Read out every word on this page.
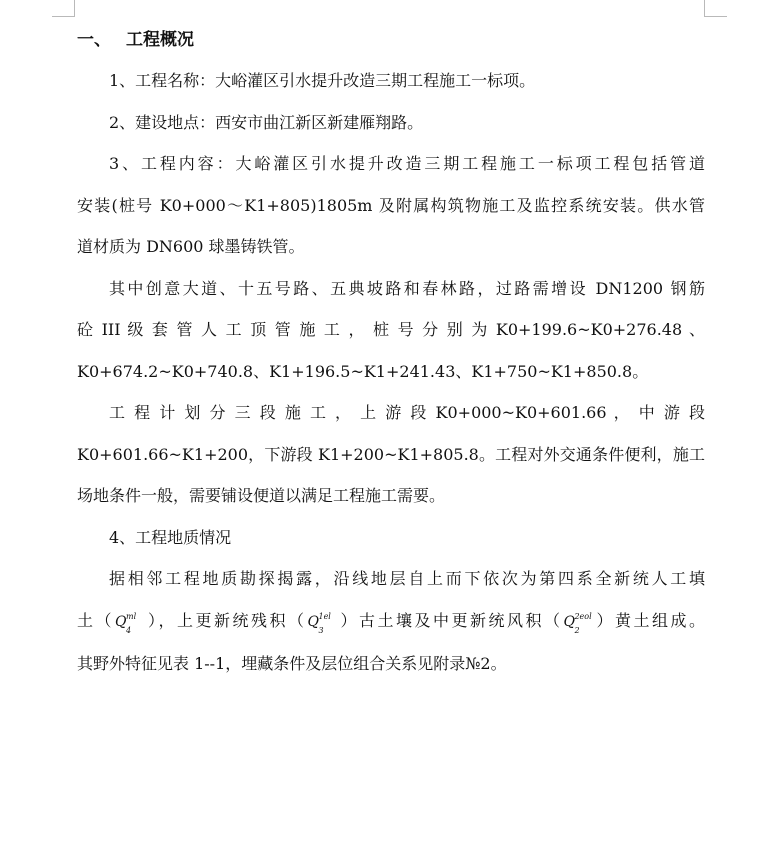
一、 工程概况

1、工程名称：大峪灌区引水提升改造三期工程施工一标项。

2、建设地点：西安市曲江新区新建雁翔路。

3、工程内容：大峪灌区引水提升改造三期工程施工一标项工程包括管道

安装(桩号 K0+000～K1+805)1805m 及附属构筑物施工及监控系统安装。供水管

道材质为 DN600 球墨铸铁管。

其中创意大道、十五号路、五典坡路和春林路，过路需增设 DN1200 钢筋

砼 III 级 套 管 人 工 顶 管 施 工 ， 桩 号 分 别 为 K0+199.6~K0+276.48 、

K0+674.2~K0+740.8、K1+196.5~K1+241.43、K1+750~K1+850.8。

工 程 计 划 分 三 段 施 工 ， 上 游 段 K0+000~K0+601.66 ， 中 游 段

K0+601.66~K1+200，下游段 K1+200~K1+805.8。工程对外交通条件便利，施工

场地条件一般，需要铺设便道以满足工程施工需要。

4、工程地质情况

据相邻工程地质勘探揭露，沿线地层自上而下依次为第四系全新统人工填

土（Q ml
4
），上更新统残积（Q 1el
3
）古土壤及中更新统风积（Q 2eol
2
）黄土组成。

其野外特征见表 1--1，埋藏条件及层位组合关系见附录№2。
